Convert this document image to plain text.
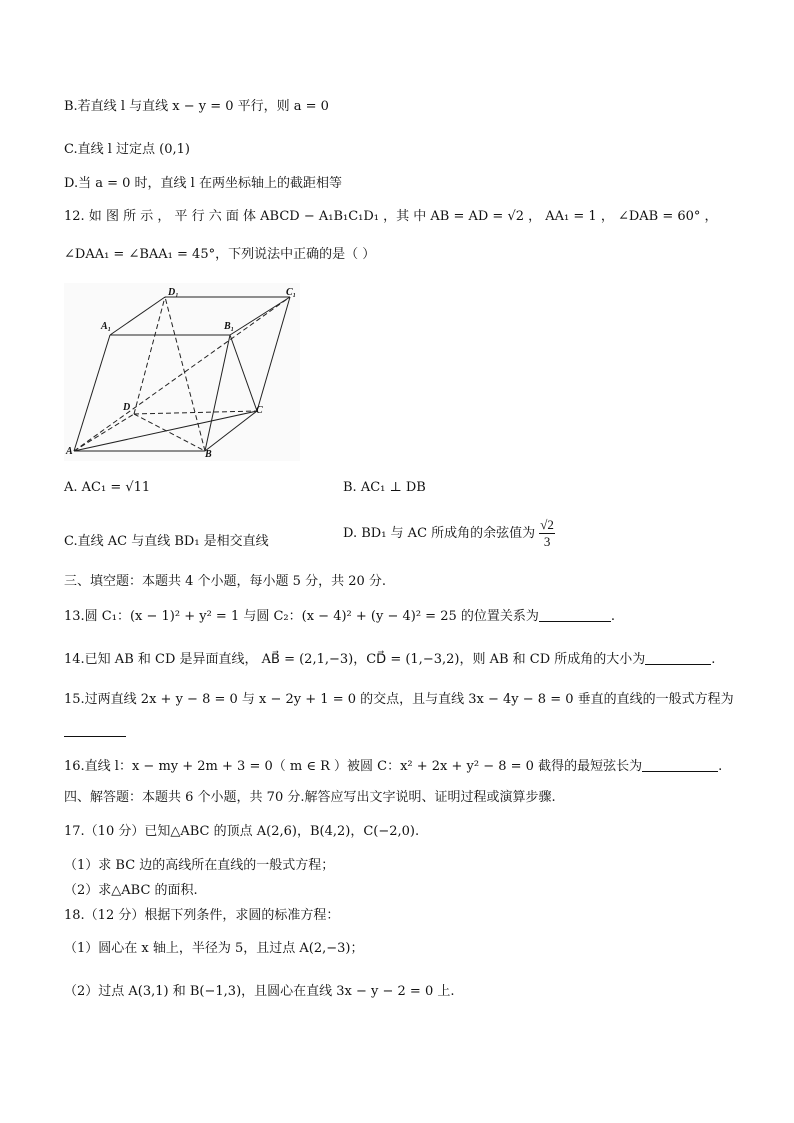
B.若直线 l 与直线 x − y = 0 平行，则 a = 0
C.直线 l 过定点 (0,1)
D.当 a = 0 时，直线 l 在两坐标轴上的截距相等
12. 如 图 所 示 ， 平 行 六 面 体 ABCD − A₁B₁C₁D₁ ，其 中 AB = AD = √2 ， AA₁ = 1 ， ∠DAB = 60° ，
∠DAA₁ = ∠BAA₁ = 45°，下列说法中正确的是（ ）
A	B
C
D
A₁	B₁
C₁
D₁
A. AC₁ = √11	B. AC₁ ⊥ DB
C.直线 AC 与直线 BD₁ 是相交直线
D. BD₁ 与 AC 所成角的余弦值为 $\frac{√2}{3}$
三、填空题：本题共 4 个小题，每小题 5 分，共 20 分.
13.圆 C₁：(x − 1)² + y² = 1 与圆 C₂：(x − 4)² + (y − 4)² = 25 的位置关系为	.
14.已知 AB 和 CD 是异面直线， AB⃗ = (2,1,−3)，CD⃗ = (1,−3,2)，则 AB 和 CD 所成角的大小为	.
15.过两直线 2x + y − 8 = 0 与 x − 2y + 1 = 0 的交点，且与直线 3x − 4y − 8 = 0 垂直的直线的一般式方程为
16.直线 l：x − my + 2m + 3 = 0（ m ∈ R ）被圆 C：x² + 2x + y² − 8 = 0 截得的最短弦长为	.
四、解答题：本题共 6 个小题，共 70 分.解答应写出文字说明、证明过程或演算步骤.
17.（10 分）已知△ABC 的顶点 A(2,6)，B(4,2)，C(−2,0).
（1）求 BC 边的高线所在直线的一般式方程；
（2）求△ABC 的面积.
18.（12 分）根据下列条件，求圆的标准方程：
（1）圆心在 x 轴上，半径为 5，且过点 A(2,−3)；
（2）过点 A(3,1) 和 B(−1,3)，且圆心在直线 3x − y − 2 = 0 上.
